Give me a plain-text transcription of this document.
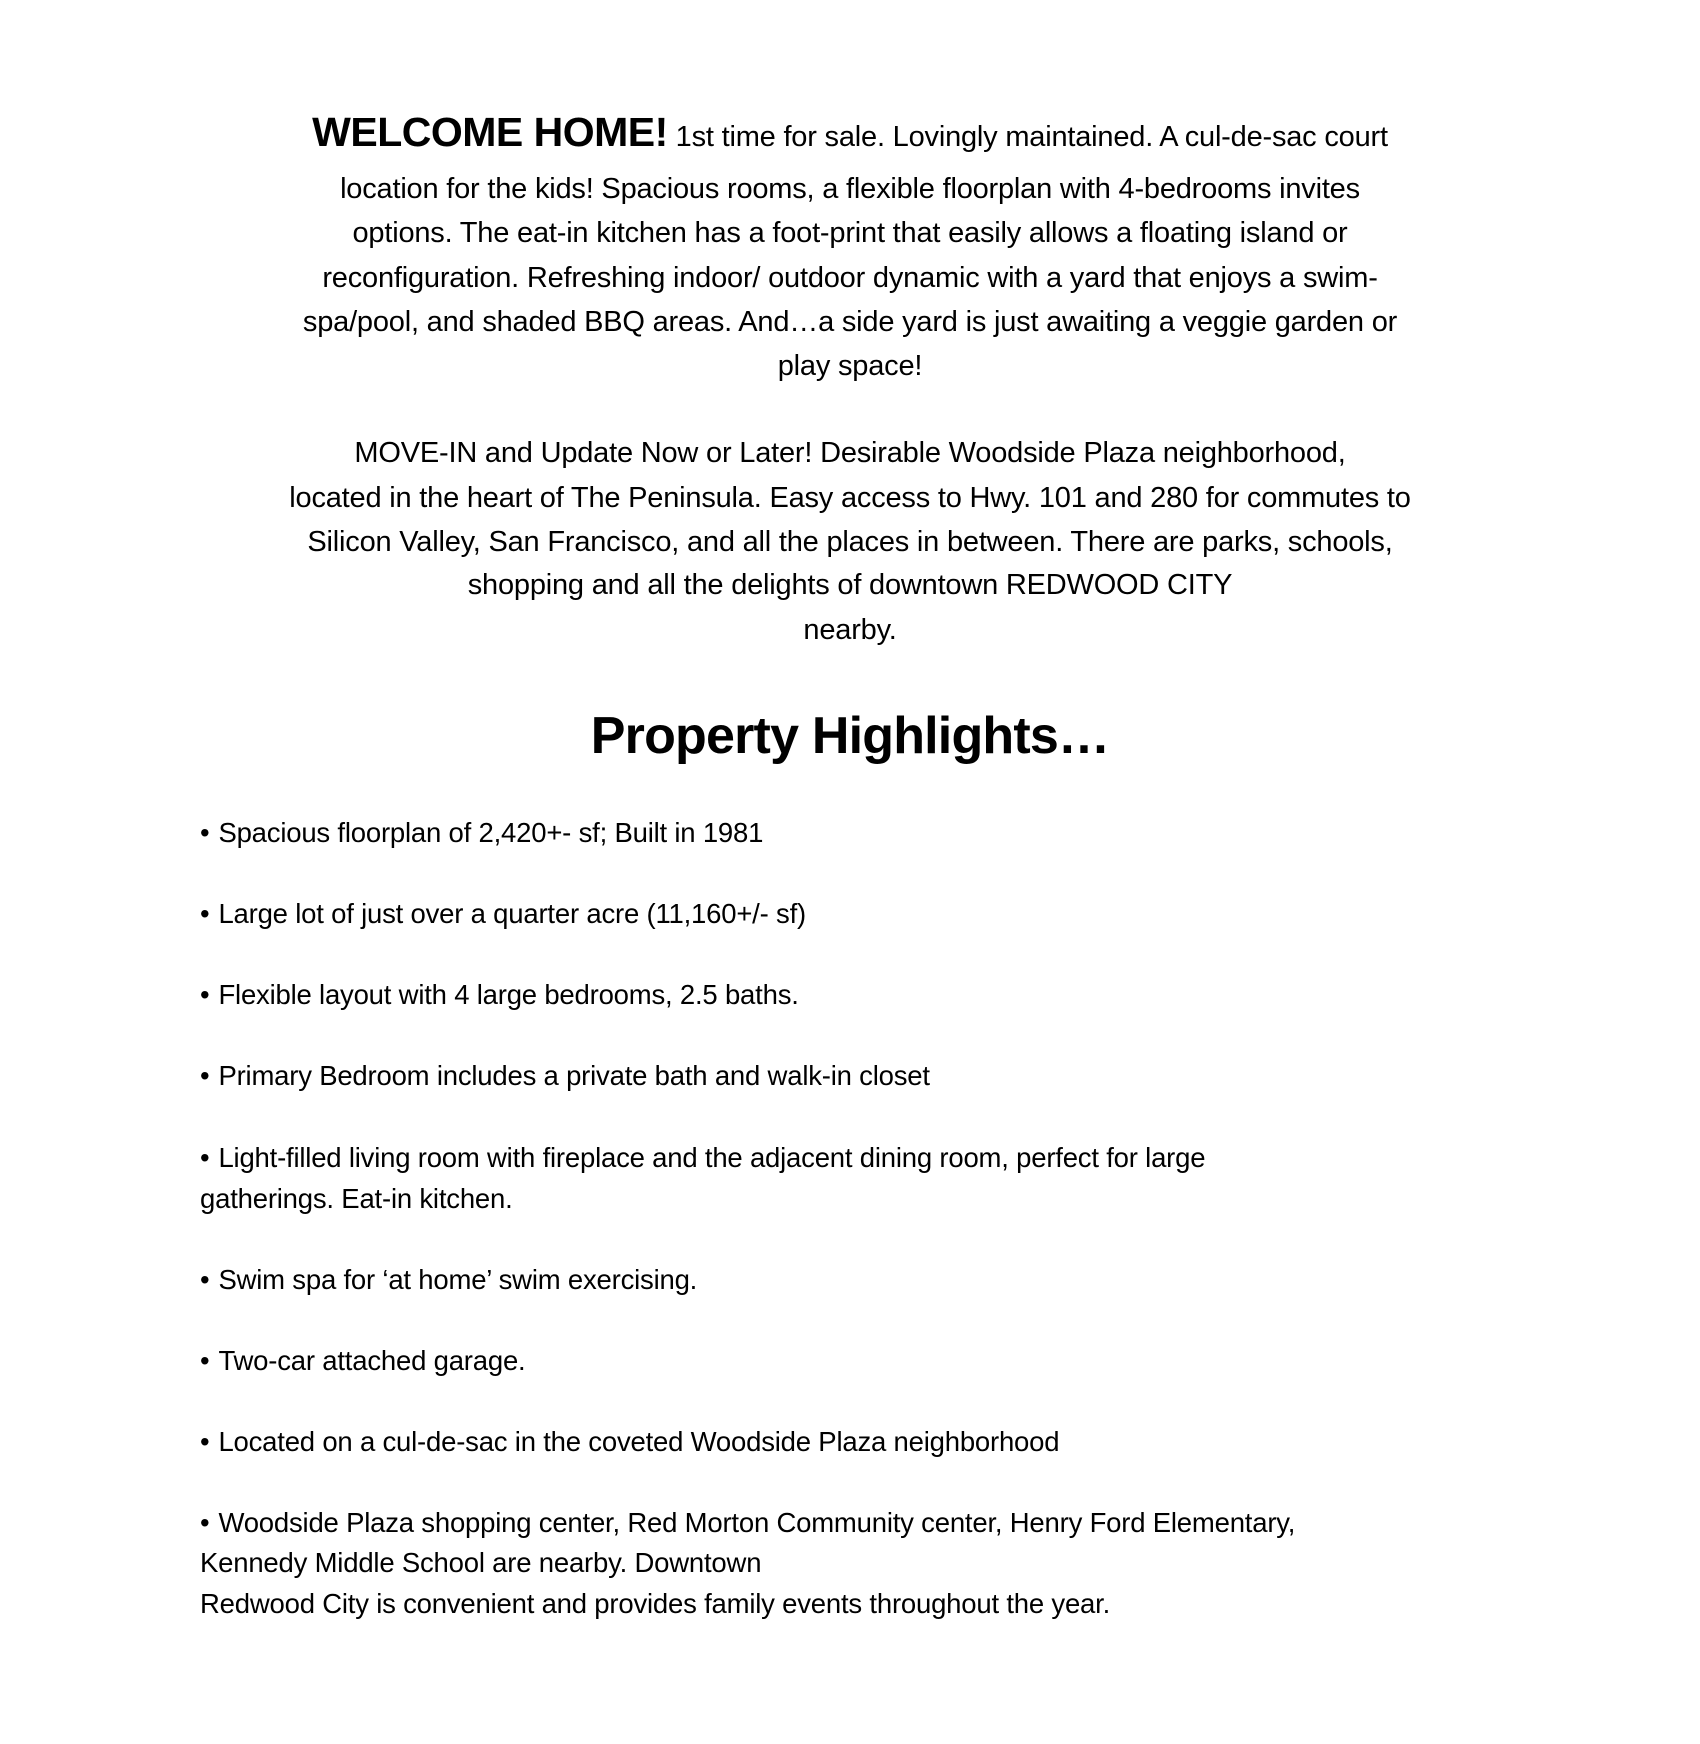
WELCOME HOME! 1st time for sale. Lovingly maintained. A cul-de-sac court
location for the kids! Spacious rooms, a flexible floorplan with 4-bedrooms invites
options. The eat-in kitchen has a foot-print that easily allows a floating island or
reconfiguration. Refreshing indoor/ outdoor dynamic with a yard that enjoys a swim-
spa/pool, and shaded BBQ areas. And…a side yard is just awaiting a veggie garden or
play space!
MOVE-IN and Update Now or Later! Desirable Woodside Plaza neighborhood,
located in the heart of The Peninsula. Easy access to Hwy. 101 and 280 for commutes to
Silicon Valley, San Francisco, and all the places in between. There are parks, schools,
shopping and all the delights of downtown REDWOOD CITY
nearby.
Property Highlights…
• Spacious floorplan of 2,420+- sf; Built in 1981
• Large lot of just over a quarter acre (11,160+/- sf)
• Flexible layout with 4 large bedrooms, 2.5 baths.
• Primary Bedroom includes a private bath and walk-in closet
• Light-filled living room with fireplace and the adjacent dining room, perfect for large
gatherings. Eat-in kitchen.
• Swim spa for ‘at home’ swim exercising.
• Two-car attached garage.
• Located on a cul-de-sac in the coveted Woodside Plaza neighborhood
• Woodside Plaza shopping center, Red Morton Community center, Henry Ford Elementary,
Kennedy Middle School are nearby. Downtown
Redwood City is convenient and provides family events throughout the year.
